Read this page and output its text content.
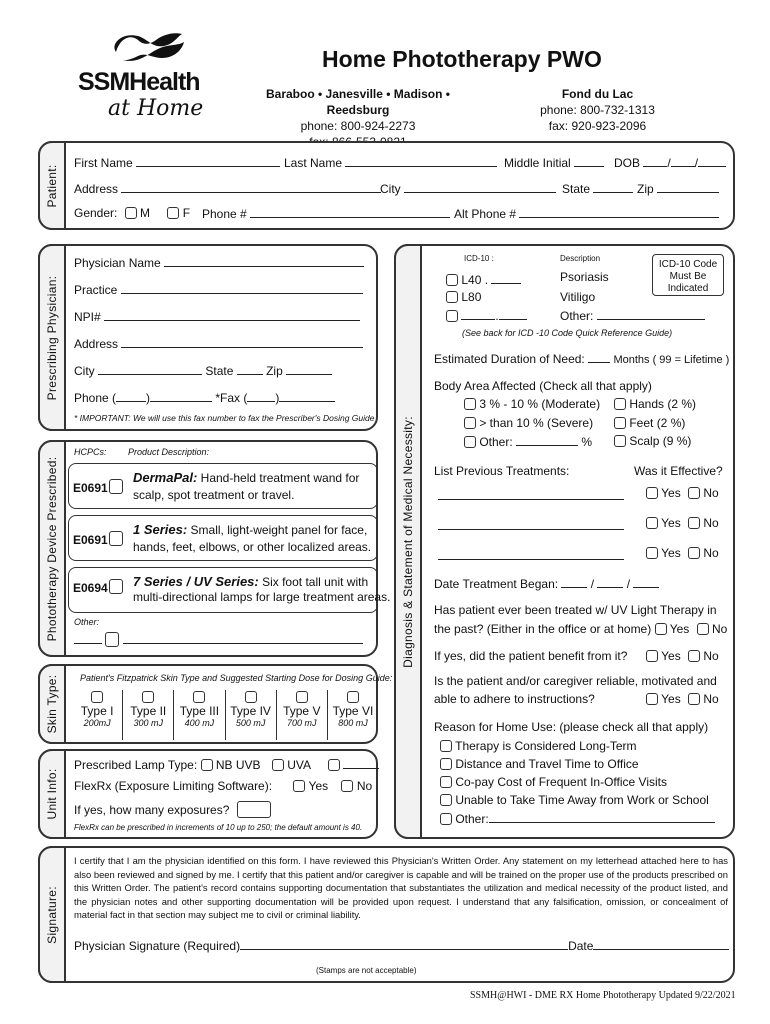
SSMHealth
at Home
Home Phototherapy PWO
Baraboo • Janesville • Madison • Reedsburg
phone: 800-924-2273
Fond du Lac
phone: 800-732-1313
fax: 920-923-2096
Patient:
First Name	Last Name	Middle Initial	DOB / /
Address	City	State	Zip
Gender: M	F Phone #	Alt Phone #
Prescribing Physician:
Physician Name
Practice
NPI#
Address
City	State	Zip
Phone (	)	*Fax ( )
* IMPORTANT: We will use this fax number to fax the Prescriber's Dosing Guide
Phototherapy Device Prescribed:
HCPCs: Product Description:
E0691
DermaPal: Hand-held treatment wand for
scalp, spot treatment or travel.
E0691
1 Series: Small, light-weight panel for face,
hands, feet, elbows, or other localized areas.
E0694 7 Series / UV Series: Six foot tall unit with
multi-directional lamps for large treatment areas.
Other:

Skin Type: Patient's Fitzpatrick Skin Type and Suggested Starting Dose for Dosing Guide:
Type I
200mJ
Type II
300 mJ
Type III
400 mJ
Type IV
500 mJ
Type V
700 mJ
Type VI
800 mJ
Unit Info:
Prescribed Lamp Type: NB UVB UVA
FlexRx (Exposure Limiting Software):	Yes No
If yes, how many exposures?
FlexRx can be prescribed in increments of 10 up to 250; the default amount is 40.
Diagnosis & Statement of Medical Necessity:
ICD-10 :	Description
L40 .	Psoriasis
L80	Vitiligo
.	Other:
ICD-10 Code Must Be Indicated
(See back for ICD -10 Code Quick Reference Guide)
Estimated Duration of Need:	Months ( 99 = Lifetime )
Body Area Affected (Check all that apply)
3 % - 10 % (Moderate)	Hands (2 %)
> than 10 % (Severe)	Feet (2 %)
Other:	%	Scalp (9 %)
List Previous Treatments:	Was it Effective?
Yes No
Yes No
Yes No
Date Treatment Began:  /  /
Has patient ever been treated w/ UV Light Therapy in
the past? (Either in the office or at home) Yes No
If yes, did the patient benefit from it?	Yes No
Is the patient and/or caregiver reliable, motivated and
able to adhere to instructions?	Yes No
Reason for Home Use: (please check all that apply)
Therapy is Considered Long-Term
Distance and Travel Time to Office
Co-pay Cost of Frequent In-Office Visits
Unable to Take Time Away from Work or School
Other:
Signature:
I certify that I am the physician identified on this form. I have reviewed this Physician's Written Order. Any statement on my letterhead attached here to has also been reviewed and signed by me. I certify that this patient and/or caregiver is capable and will be trained on the proper use of the products prescribed on this Written Order. The patient's record contains supporting documentation that substantiates the utilization and medical necessity of the product listed, and the physician notes and other supporting documentation will be provided upon request. I understand that any falsification, omission, or concealment of material fact in that section may subject me to civil or criminal liability.
Physician Signature (Required)	Date
(Stamps are not acceptable)
SSMH@HWI - DME RX Home Phototherapy Updated 9/22/2021
